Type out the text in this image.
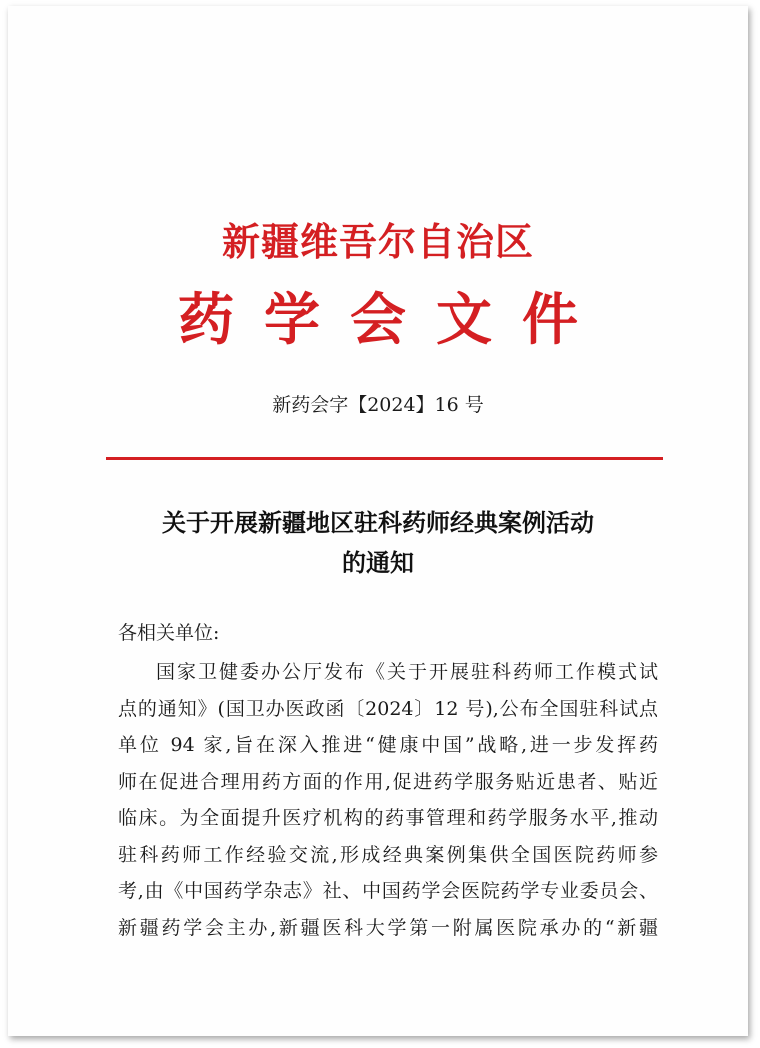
新疆维吾尔自治区
药学会文件
新药会字【2024】16 号
关于开展新疆地区驻科药师经典案例活动
的通知
各相关单位:
国家卫健委办公厅发布《关于开展驻科药师工作模式试
点的通知》(国卫办医政函〔2024〕12 号),公布全国驻科试点
单位 94 家,旨在深入推进“健康中国”战略,进一步发挥药
师在促进合理用药方面的作用,促进药学服务贴近患者、贴近
临床。为全面提升医疗机构的药事管理和药学服务水平,推动
驻科药师工作经验交流,形成经典案例集供全国医院药师参
考,由《中国药学杂志》社、中国药学会医院药学专业委员会、
新疆药学会主办,新疆医科大学第一附属医院承办的“新疆
